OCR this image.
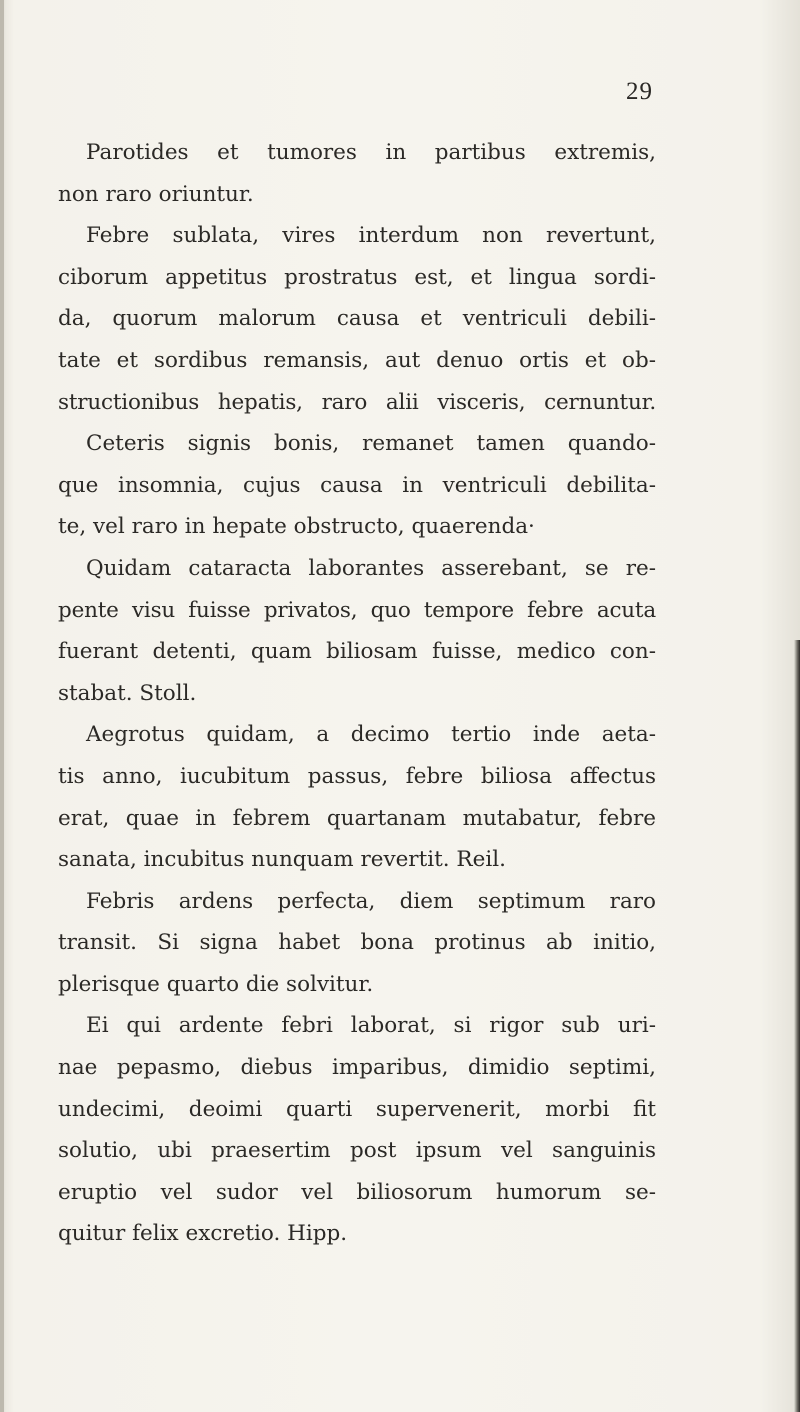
29
Parotides et tumores in partibus extremis,
non raro oriuntur.
Febre sublata, vires interdum non revertunt,
ciborum appetitus prostratus est, et lingua sordi-
da, quorum malorum causa et ventriculi debili-
tate et sordibus remansis, aut denuo ortis et ob-
structionibus hepatis, raro alii visceris, cernuntur.
Ceteris signis bonis, remanet tamen quando-
que insomnia, cujus causa in ventriculi debilita-
te, vel raro in hepate obstructo, quaerenda·
Quidam cataracta laborantes asserebant, se re-
pente visu fuisse privatos, quo tempore febre acuta
fuerant detenti, quam biliosam fuisse, medico con-
stabat. Stoll.
Aegrotus quidam, a decimo tertio inde aeta-
tis anno, iucubitum passus, febre biliosa affectus
erat, quae in febrem quartanam mutabatur, febre
sanata, incubitus nunquam revertit. Reil.
Febris ardens perfecta, diem septimum raro
transit. Si signa habet bona protinus ab initio,
plerisque quarto die solvitur.
Ei qui ardente febri laborat, si rigor sub uri-
nae pepasmo, diebus imparibus, dimidio septimi,
undecimi, deoimi quarti supervenerit, morbi fit
solutio, ubi praesertim post ipsum vel sanguinis
eruptio vel sudor vel biliosorum humorum se-
quitur felix excretio. Hipp.
